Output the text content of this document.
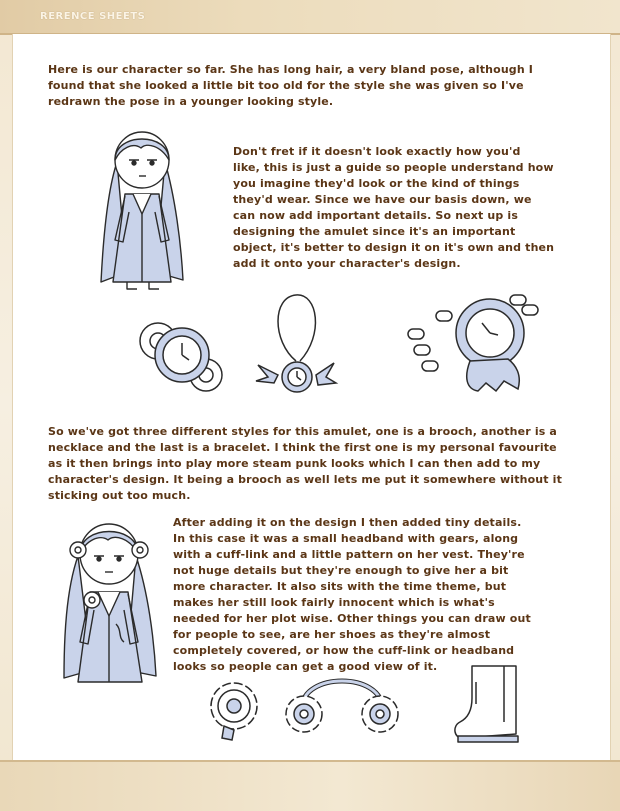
RERENCE SHEETS
Here is our character so far. She has long hair, a very bland pose, although I
found that she looked a little bit too old for the style she was given so I've
redrawn the pose in a younger looking style.
Don't fret if it doesn't look exactly how you'd
like, this is just a guide so people understand how
you imagine they'd look or the kind of things
they'd wear. Since we have our basis down, we
can now add important details. So next up is
designing the amulet since it's an important
object, it's better to design it on it's own and then
add it onto your character's design.
So we've got three different styles for this amulet, one is a brooch, another is a
necklace and the last is a bracelet. I think the first one is my personal favourite
as it then brings into play more steam punk looks which I can then add to my
character's design. It being a brooch as well lets me put it somewhere without it
sticking out too much.
After adding it on the design I then added tiny details.
In this case it was a small headband with gears, along
with a cuff-link and a little pattern on her vest. They're
not huge details but they're enough to give her a bit
more character. It also sits with the time theme, but
makes her still look fairly innocent which is what's
needed for her plot wise. Other things you can draw out
for people to see, are her shoes as they're almost
completely covered, or how the cuff-link or headband
looks so people can get a good view of it.
